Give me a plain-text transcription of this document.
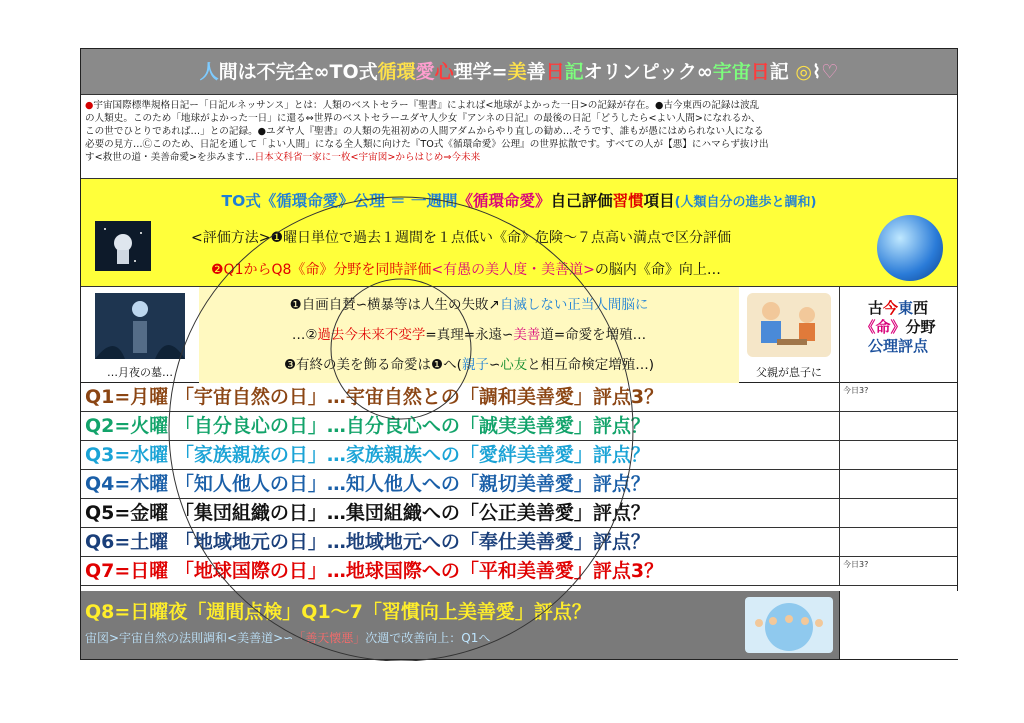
人間は不完全∞TO式循環愛心理学=美善日記オリンピック∞宇宙日記 ◎⌇♡
●宇宙国際標準規格日記ー「日記ルネッサンス」とは：人類のベストセラー『聖書』によれば<地球がよかった一日>の記録が存在。●古今東西の記録は波乱
の人類史。このため「地球がよかった一日」に還る⇔世界のベストセラーユダヤ人少女『アンネの日記』の最後の日記「どうしたら<よい人間>になれるか、
この世でひとりであれば…」との記録。●ユダヤ人『聖書』の人類の先祖初めの人間アダムからやり直しの勧め…そうです、誰もが愚にはめられない人になる
必要の見方…Ⓒこのため、日記を通して「よい人間」になる全人類に向けた『TO式《循環命愛》公理』の世界拡散です。すべての人が【悪】にハマらず抜け出
す<救世の道・美善命愛>を歩みます…日本文科省一家に一枚<宇宙図>からはじめ⇒今未来
TO式《循環命愛》公理 ＝ 一週間《循環命愛》自己評価習慣項目(人類自分の進歩と調和)
<評価方法>❶曜日単位で過去１週間を１点低い《命》危険～７点高い満点で区分評価
❷Q1からQ8《命》分野を同時評価<有愚の美人度・美善道>の脳内《命》向上…
…月夜の墓…
❶自画自賛∽横暴等は人生の失敗↗自滅しない正当人間脳に
…②過去今未来不変学=真理=永遠∽美善道=命愛を増殖…
❸有終の美を飾る命愛は❶へ(親子∽心友と相互命検定増殖…)	父親が息子に
古今東西
《命》分野
公理評点
Q1=月曜 「宇宙自然の日」…宇宙自然との「調和美善愛」評点3？	今日3?
Q2=火曜 「自分良心の日」…自分良心への「誠実美善愛」評点？
Q3=水曜 「家族親族の日」…家族親族への「愛絆美善愛」評点？
Q4=木曜 「知人他人の日」…知人他人への「親切美善愛」評点？
Q5=金曜 「集団組織の日」…集団組織への「公正美善愛」評点？
Q6=土曜 「地域地元の日」…地域地元への「奉仕美善愛」評点？
Q7=日曜 「地球国際の日」…地球国際への「平和美善愛」評点3？	今日3?
Q8=日曜夜「週間点検」Q1～7「習慣向上美善愛」評点？
宙図>宇宙自然の法則調和<美善道>∽「善天懐悪」次週で改善向上：Q1へ
